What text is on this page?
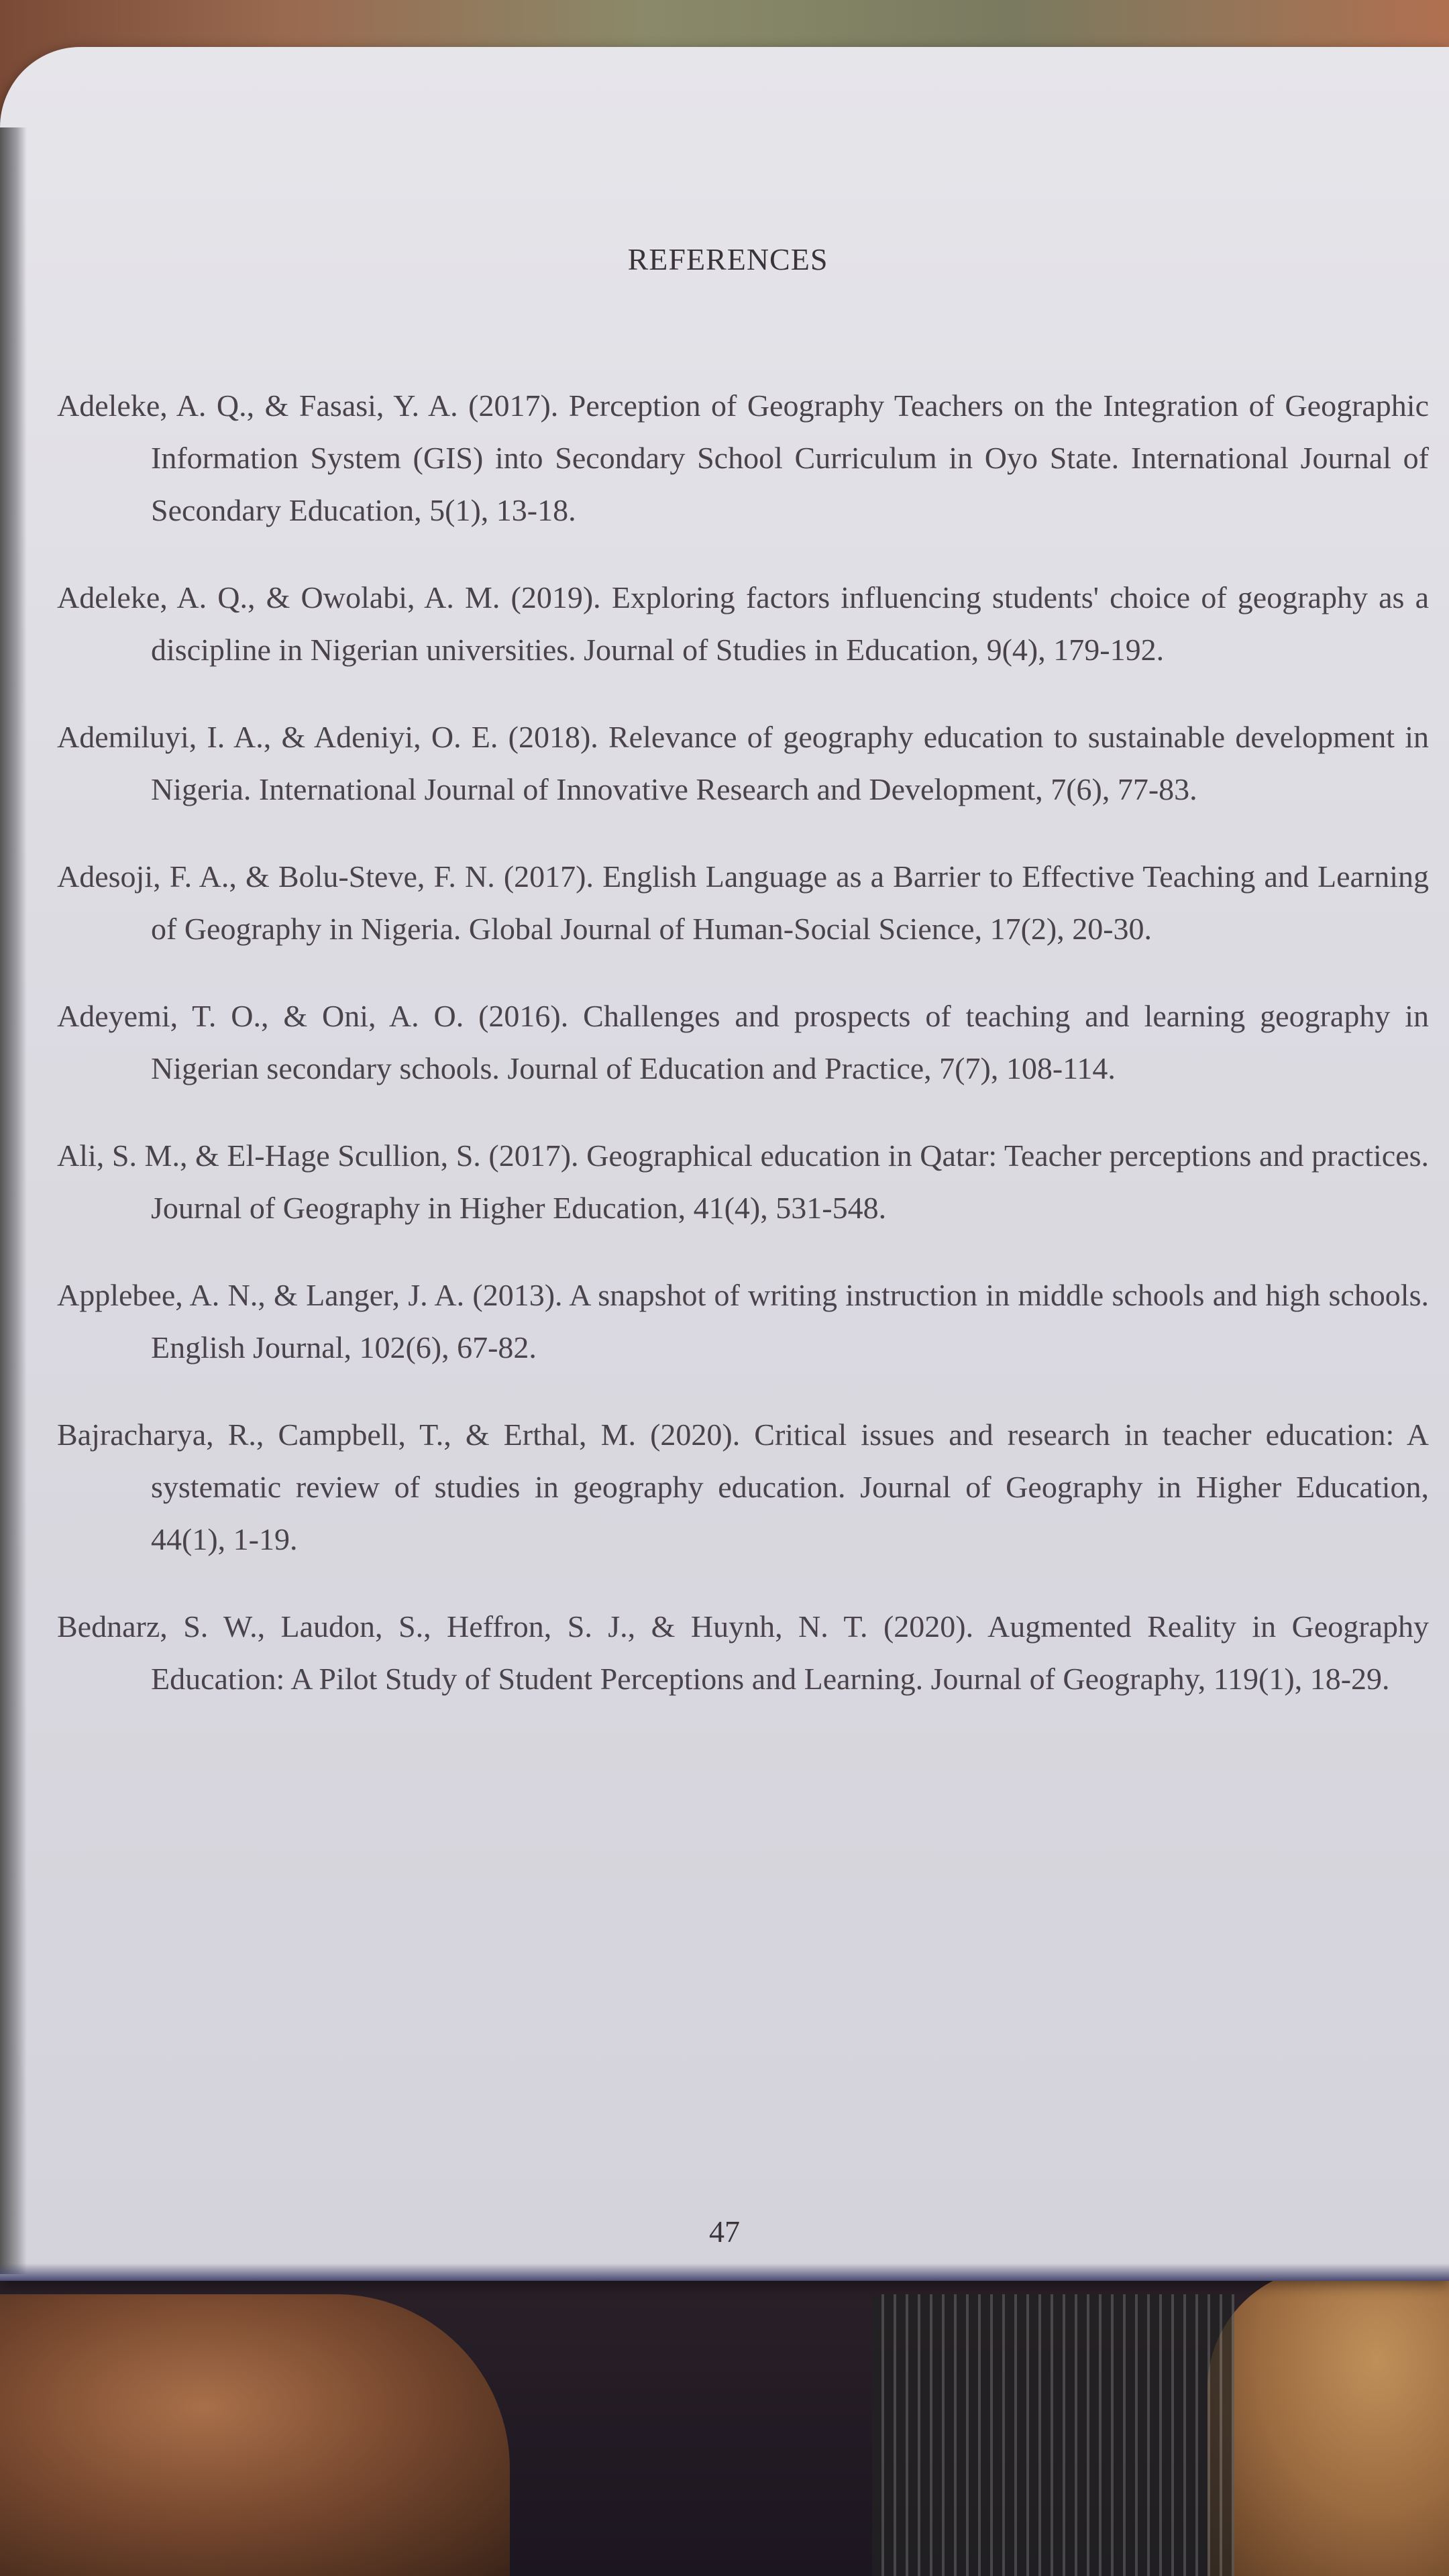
REFERENCES

Adeleke, A. Q., & Fasasi, Y. A. (2017). Perception of Geography Teachers on the Integration of Geographic Information System (GIS) into Secondary School Curriculum in Oyo State. International Journal of Secondary Education, 5(1), 13-18.

Adeleke, A. Q., & Owolabi, A. M. (2019). Exploring factors influencing students' choice of geography as a discipline in Nigerian universities. Journal of Studies in Education, 9(4), 179-192.

Ademiluyi, I. A., & Adeniyi, O. E. (2018). Relevance of geography education to sustainable development in Nigeria. International Journal of Innovative Research and Development, 7(6), 77-83.

Adesoji, F. A., & Bolu-Steve, F. N. (2017). English Language as a Barrier to Effective Teaching and Learning of Geography in Nigeria. Global Journal of Human-Social Science, 17(2), 20-30.

Adeyemi, T. O., & Oni, A. O. (2016). Challenges and prospects of teaching and learning geography in Nigerian secondary schools. Journal of Education and Practice, 7(7), 108-114.

Ali, S. M., & El-Hage Scullion, S. (2017). Geographical education in Qatar: Teacher perceptions and practices. Journal of Geography in Higher Education, 41(4), 531-548.

Applebee, A. N., & Langer, J. A. (2013). A snapshot of writing instruction in middle schools and high schools. English Journal, 102(6), 67-82.

Bajracharya, R., Campbell, T., & Erthal, M. (2020). Critical issues and research in teacher education: A systematic review of studies in geography education. Journal of Geography in Higher Education, 44(1), 1-19.

Bednarz, S. W., Laudon, S., Heffron, S. J., & Huynh, N. T. (2020). Augmented Reality in Geography Education: A Pilot Study of Student Perceptions and Learning. Journal of Geography, 119(1), 18-29.

47
